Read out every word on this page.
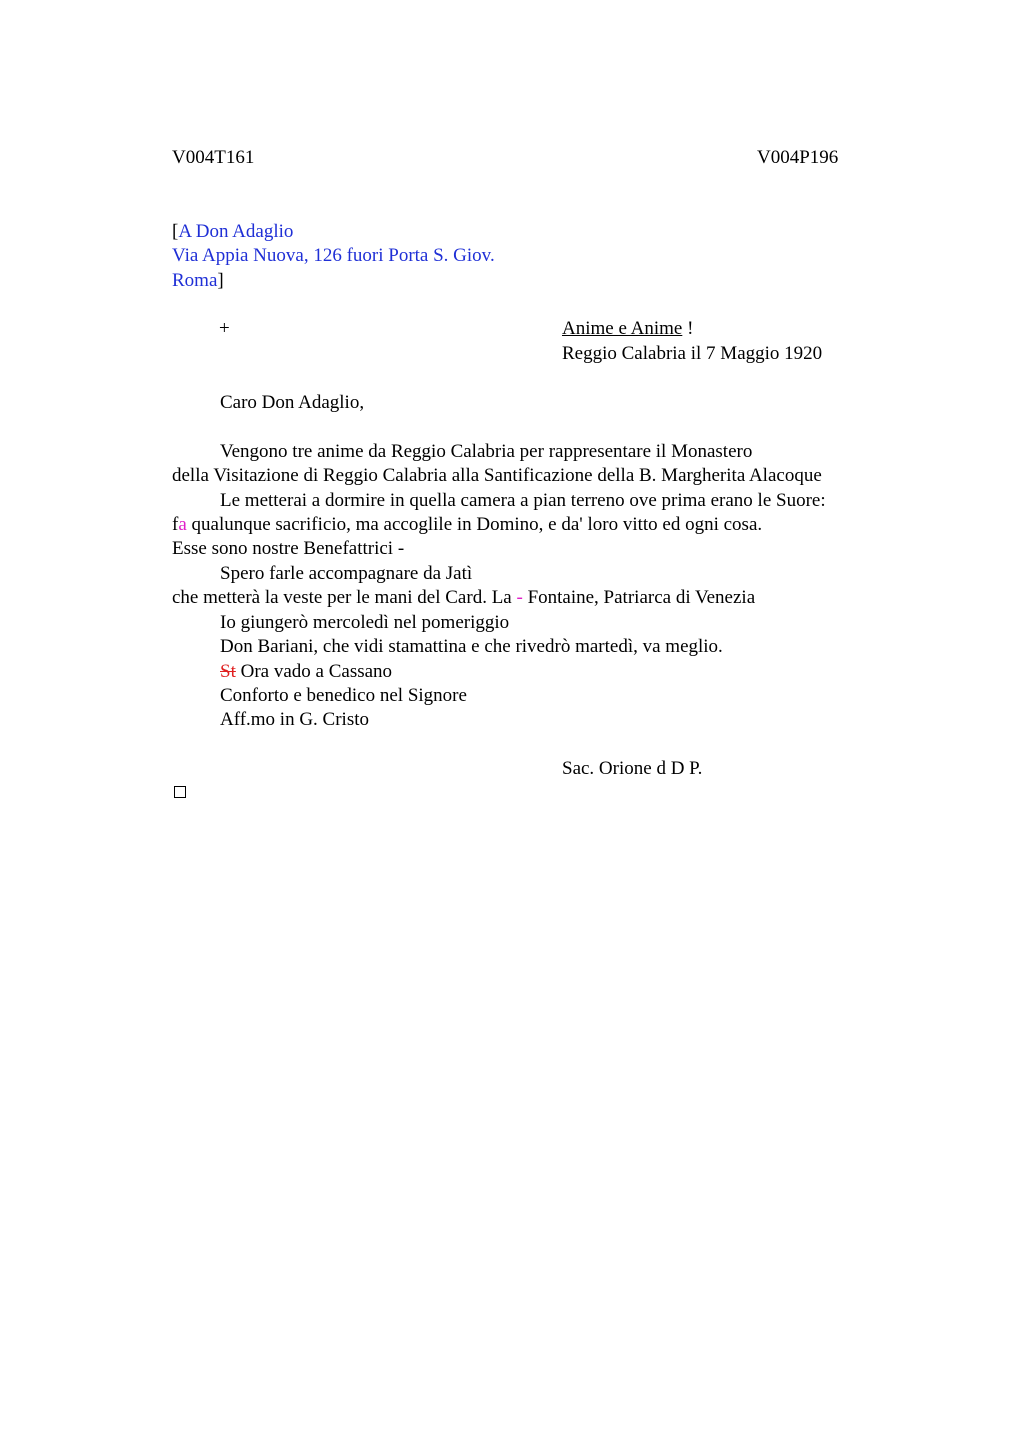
V004T161	V004P196
[A Don Adaglio
Via Appia Nuova, 126 fuori Porta S. Giov.
Roma]
+	Anime e Anime !
Reggio Calabria il 7 Maggio 1920
Caro Don Adaglio,
Vengono tre anime da Reggio Calabria per rappresentare il Monastero
della Visitazione di Reggio Calabria alla Santificazione della B. Margherita Alacoque
Le metterai a dormire in quella camera a pian terreno ove prima erano le Suore:
fa qualunque sacrificio, ma accoglile in Domino, e da' loro vitto ed ogni cosa.
Esse sono nostre Benefattrici -
Spero farle accompagnare da Jatì
che metterà la veste per le mani del Card. La - Fontaine, Patriarca di Venezia
Io giungerò mercoledì nel pomeriggio
Don Bariani, che vidi stamattina e che rivedrò martedì, va meglio.
St Ora vado a Cassano
Conforto e benedico nel Signore
Aff.mo in G. Cristo
Sac. Orione d D P.
